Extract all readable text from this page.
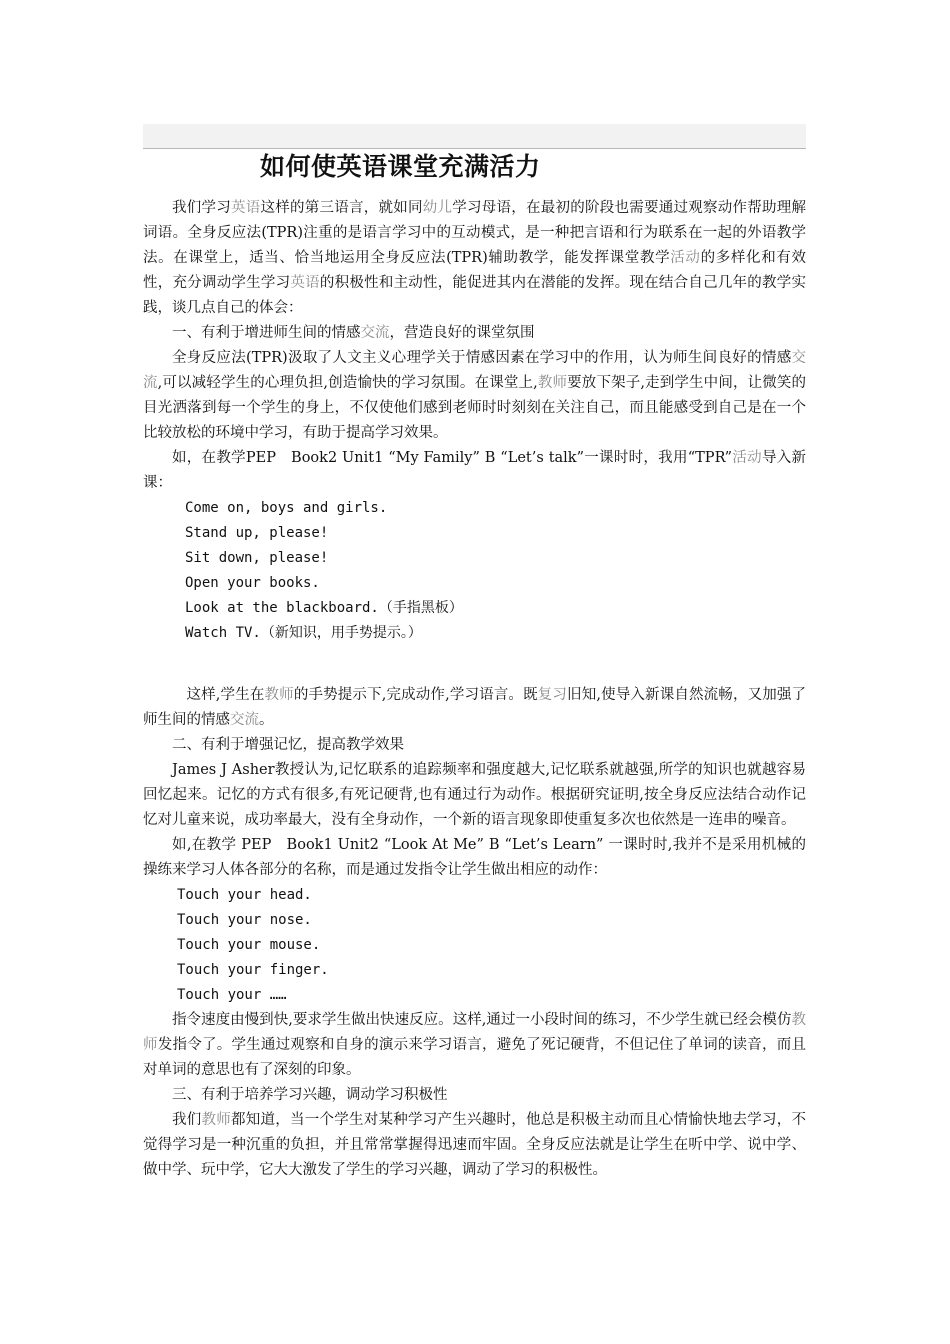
如何使英语课堂充满活力

我们学习英语这样的第三语言，就如同幼儿学习母语，在最初的阶段也需要通过观察动作帮助理解词语。全身反应法(TPR)注重的是语言学习中的互动模式，是一种把言语和行为联系在一起的外语教学法。在课堂上，适当、恰当地运用全身反应法(TPR)辅助教学，能发挥课堂教学活动的多样化和有效性，充分调动学生学习英语的积极性和主动性，能促进其内在潜能的发挥。现在结合自己几年的教学实践，谈几点自己的体会：

一、有利于增进师生间的情感交流，营造良好的课堂氛围

全身反应法(TPR)汲取了人文主义心理学关于情感因素在学习中的作用，认为师生间良好的情感交流,可以减轻学生的心理负担,创造愉快的学习氛围。在课堂上,教师要放下架子,走到学生中间，让微笑的目光洒落到每一个学生的身上，不仅使他们感到老师时时刻刻在关注自己，而且能感受到自己是在一个比较放松的环境中学习，有助于提高学习效果。

如，在教学PEP　Book2 Unit1 “My Family” B “Let’s talk”一课时时，我用“TPR”活动导入新课：

Come on, boys and girls.

Stand up, please!

Sit down, please!

Open your books.

Look at the blackboard.（手指黑板）

Watch TV.（新知识，用手势提示。）

这样,学生在教师的手势提示下,完成动作,学习语言。既复习旧知,使导入新课自然流畅，又加强了师生间的情感交流。

二、有利于增强记忆，提高教学效果

James J Asher教授认为,记忆联系的追踪频率和强度越大,记忆联系就越强,所学的知识也就越容易回忆起来。记忆的方式有很多,有死记硬背,也有通过行为动作。根据研究证明,按全身反应法结合动作记忆对儿童来说，成功率最大，没有全身动作，一个新的语言现象即使重复多次也依然是一连串的噪音。

如,在教学 PEP　Book1 Unit2 “Look At Me” B “Let’s Learn” 一课时时,我并不是采用机械的操练来学习人体各部分的名称，而是通过发指令让学生做出相应的动作：

Touch your head.

Touch your nose.

Touch your mouse.

Touch your finger.

Touch your ……

指令速度由慢到快,要求学生做出快速反应。这样,通过一小段时间的练习，不少学生就已经会模仿教师发指令了。学生通过观察和自身的演示来学习语言，避免了死记硬背，不但记住了单词的读音，而且对单词的意思也有了深刻的印象。

三、有利于培养学习兴趣，调动学习积极性

我们教师都知道，当一个学生对某种学习产生兴趣时，他总是积极主动而且心情愉快地去学习，不觉得学习是一种沉重的负担，并且常常掌握得迅速而牢固。全身反应法就是让学生在听中学、说中学、做中学、玩中学，它大大激发了学生的学习兴趣，调动了学习的积极性。
